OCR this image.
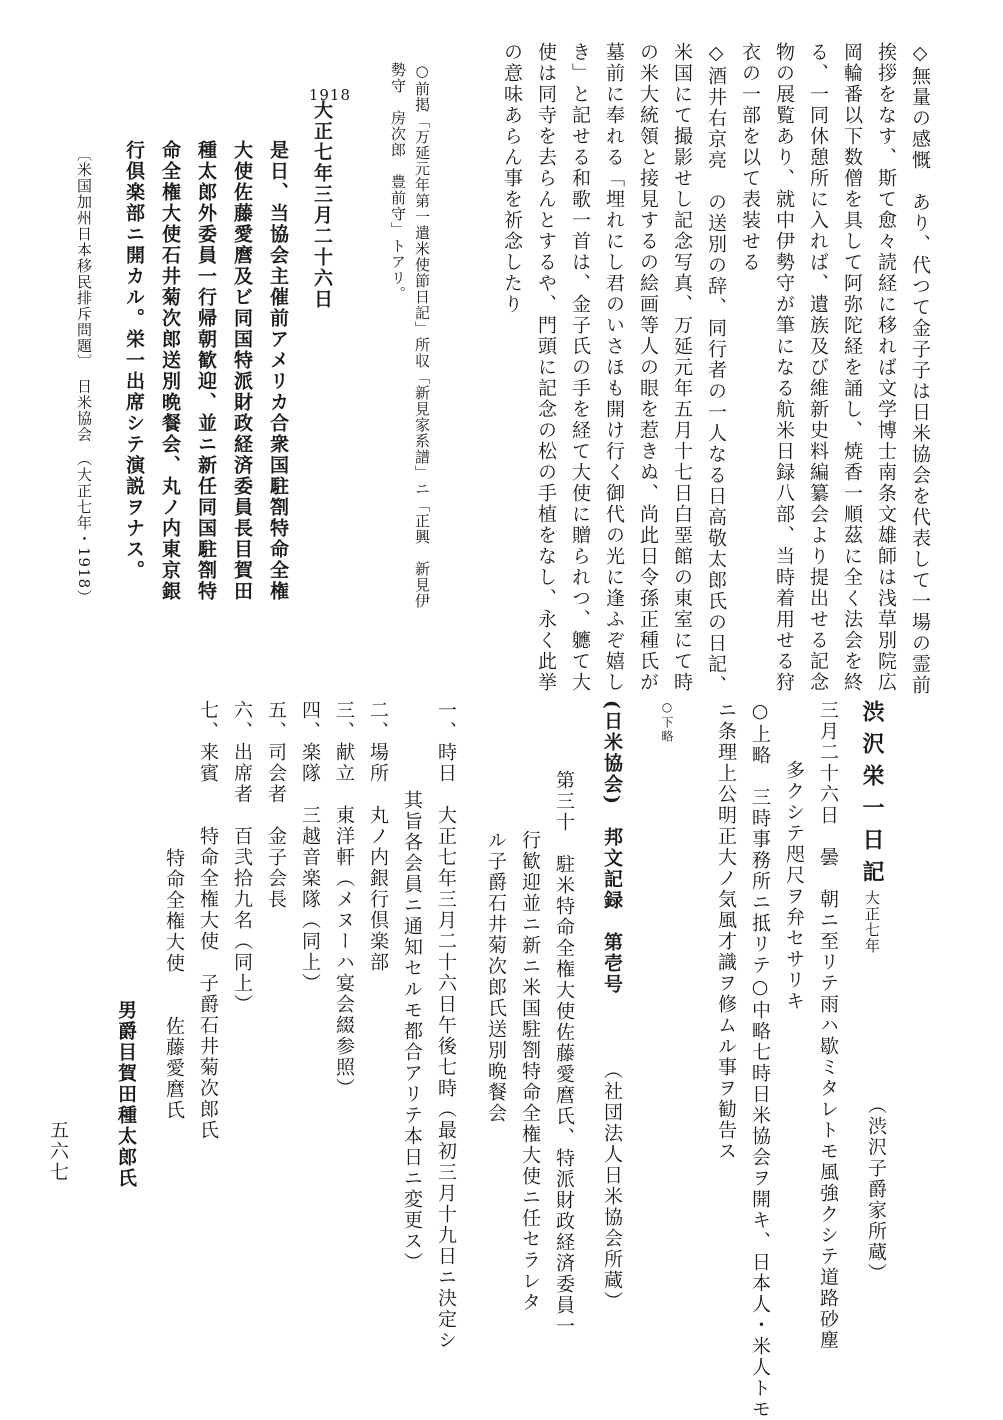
◇無量の感慨　あり、代つて金子子は日米協会を代表して一場の霊前
挨拶をなす、斯て愈々読経に移れば文学博士南条文雄師は浅草別院広
岡輪番以下数僧を具して阿弥陀経を誦し、焼香一順茲に全く法会を終
る、一同休憩所に入れば、遺族及び維新史料編纂会より提出せる記念
物の展覧あり、就中伊勢守が筆になる航米日録八部、当時着用せる狩
衣の一部を以て表装せる
◇酒井右京亮　の送別の辞、同行者の一人なる日高敬太郎氏の日記、
米国にて撮影せし記念写真、万延元年五月十七日白堊館の東室にて時
の米大統領と接見するの絵画等人の眼を惹きぬ、尚此日令孫正種氏が
墓前に奉れる「埋れにし君のいさほも開け行く御代の光に逢ふぞ嬉し
き」と記せる和歌一首は、金子氏の手を経て大使に贈られつ、軈て大
使は同寺を去らんとするや、門頭に記念の松の手植をなし、永く此挙
の意味あらん事を祈念したり
○前掲「万延元年第一遣米使節日記」所収「新見家系譜」ニ「正興　新見伊
勢守　房次郎　豊前守」トアリ。
1918
大正七年三月二十六日
是日、当協会主催前アメリカ合衆国駐劄特命全権
大使佐藤愛麿及ビ同国特派財政経済委員長目賀田
種太郎外委員一行帰朝歓迎、並ニ新任同国駐劄特
命全権大使石井菊次郎送別晩餐会、丸ノ内東京銀
行倶楽部ニ開カル。栄一出席シテ演説ヲナス。
〔米国加州日本移民排斥問題〕　日米協会　（大正七年・1918）
渋沢栄一日記
大正七年
（渋沢子爵家所蔵）
三月二十六日　曇　朝ニ至リテ雨ハ歇ミタレトモ風強クシテ道路砂塵
多クシテ咫尺ヲ弁セサリキ
○上略　三時事務所ニ抵リテ○中略七時日米協会ヲ開キ、日本人・米人トモ
ニ条理上公明正大ノ気風才識ヲ修ムル事ヲ勧告ス
○下略
(日米協会)　邦文記録　第壱号
（社団法人日米協会所蔵）
第三十　駐米特命全権大使佐藤愛麿氏、特派財政経済委員一
行歓迎並ニ新ニ米国駐劄特命全権大使ニ任セラレタ
ル子爵石井菊次郎氏送別晩餐会
一、時日　大正七年三月二十六日午後七時（最初三月十九日ニ決定シ
其旨各会員ニ通知セルモ都合アリテ本日ニ変更ス）
二、場所　丸ノ内銀行倶楽部
三、献立　東洋軒（メヌーハ宴会綴参照）
四、楽隊　三越音楽隊（同上）
五、司会者　金子会長
六、出席者　百弐拾九名（同上）
七、来賓　　特命全権大使　子爵石井菊次郎氏
特命全権大使　　佐藤愛麿氏
男爵目賀田種太郎氏
五六七
